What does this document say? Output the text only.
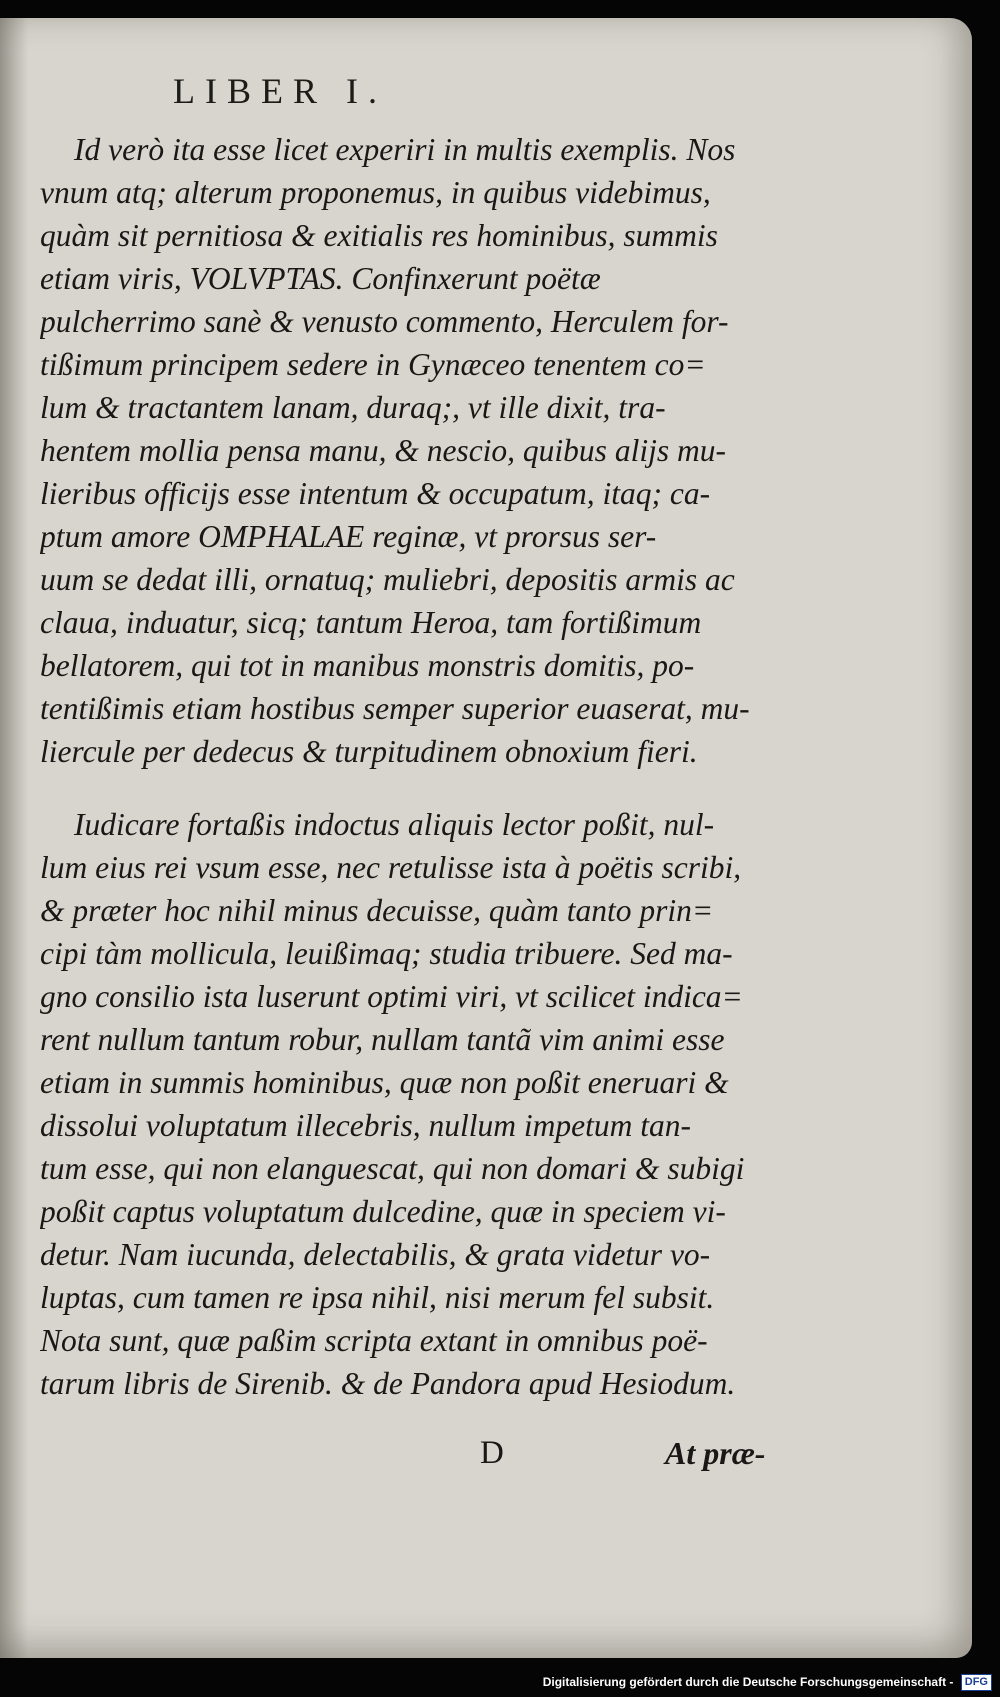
LIBER I.
Id verò ita esse licet experiri in multis exemplis. Nos
vnum atq; alterum proponemus, in quibus videbimus,
quàm sit pernitiosa & exitialis res hominibus, summis
etiam viris, VOLVPTAS. Confinxerunt poëtæ
pulcherrimo sanè & venusto commento, Herculem for-
tißimum principem sedere in Gynæceo tenentem co=
lum & tractantem lanam, duraq;, vt ille dixit, tra-
hentem mollia pensa manu, & nescio, quibus alijs mu-
lieribus officijs esse intentum & occupatum, itaq; ca-
ptum amore OMPHALAE reginæ, vt prorsus ser-
uum se dedat illi, ornatuq; muliebri, depositis armis ac
claua, induatur, sicq; tantum Heroa, tam fortißimum
bellatorem, qui tot in manibus monstris domitis, po-
tentißimis etiam hostibus semper superior euaserat, mu-
liercule per dedecus & turpitudinem obnoxium fieri.
Iudicare fortaßis indoctus aliquis lector poßit, nul-
lum eius rei vsum esse, nec retulisse ista à poëtis scribi,
& præter hoc nihil minus decuisse, quàm tanto prin=
cipi tàm mollicula, leuißimaq; studia tribuere. Sed ma-
gno consilio ista luserunt optimi viri, vt scilicet indica=
rent nullum tantum robur, nullam tantã vim animi esse
etiam in summis hominibus, quæ non poßit eneruari &
dissolui voluptatum illecebris, nullum impetum tan-
tum esse, qui non elanguescat, qui non domari & subigi
poßit captus voluptatum dulcedine, quæ in speciem vi-
detur. Nam iucunda, delectabilis, & grata videtur vo-
luptas, cum tamen re ipsa nihil, nisi merum fel subsit.
Nota sunt, quæ paßim scripta extant in omnibus poë-
tarum libris de Sirenib. & de Pandora apud Hesiodum.
D	At præ-
Digitalisierung gefördert durch die Deutsche Forschungsgemeinschaft - DFG
